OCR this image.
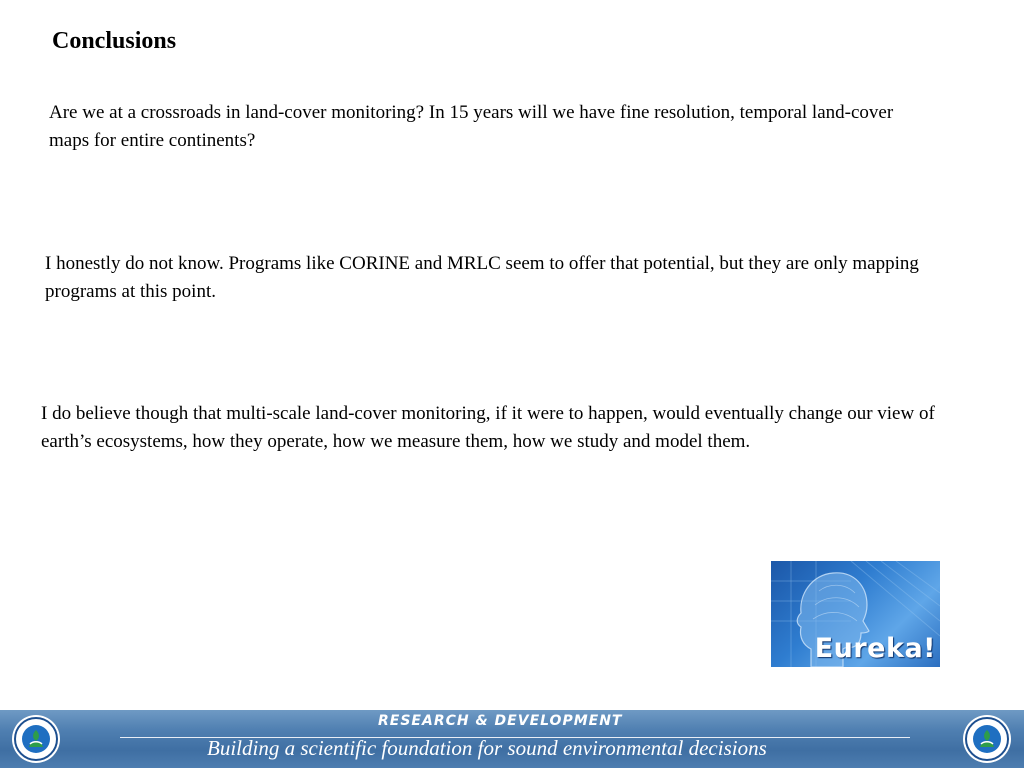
Conclusions

Are we at a crossroads in land-cover monitoring? In 15 years will we have fine resolution, temporal land-cover maps for entire continents?

I honestly do not know. Programs like CORINE and MRLC seem to offer that potential, but they are only mapping programs at this point.

I do believe though that multi-scale land-cover monitoring, if it were to happen, would eventually change our view of earth’s ecosystems, how they operate, how we measure them, how we study and model them.

Eureka!
RESEARCH & DEVELOPMENT
Building a scientific foundation for sound environmental decisions
